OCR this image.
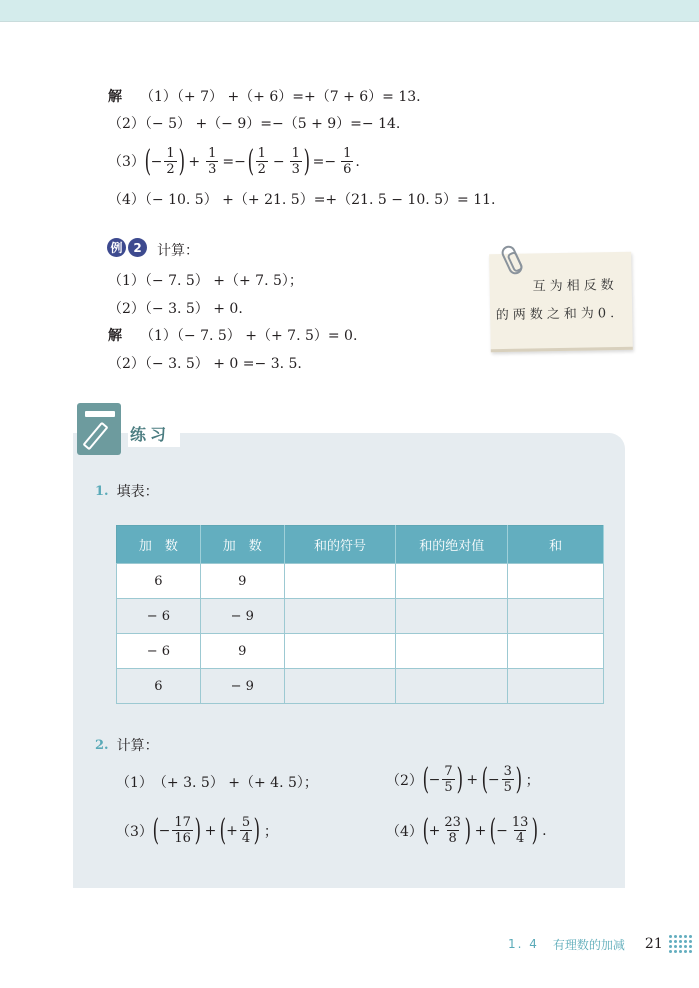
解 （1）（+ 7） +（+ 6）=+（7 + 6）= 13.
（2）（− 5） +（− 9）=−（5 + 9）=− 14.
（3） ( − $\frac{1}{2}$ ) + $\frac{1}{3}$ =− ( $\frac{1}{2} - \frac{1}{3}$ ) =− $\frac{1}{6}$ .
（4）（− 10. 5） +（+ 21. 5）=+（21. 5 − 10. 5）= 11.
例 2	计算：
（1）（− 7. 5） +（+ 7. 5）；
（2）（− 3. 5） + 0.
解 （1）（− 7. 5） +（+ 7. 5）= 0.
（2）（− 3. 5） + 0 =− 3. 5.
互为相反数
的两数之和为0.
练习
1. 填表：
加　数	加　数	和的符号	和的绝对值	和
6	9			
− 6	− 9			
− 6	9			
6	− 9			
2. 计算：
（1） （+ 3. 5） +（+ 4. 5）；	（2） ( − $\frac{7}{5}$ ) + ( − $\frac{3}{5}$ ) ；
（3） ( − $\frac{17}{16}$ ) + ( + $\frac{5}{4}$ ) ；	（4） ( + $\frac{23}{8}$ ) + ( − $\frac{13}{4}$ ) .
1. 4 有理数的加减 21
